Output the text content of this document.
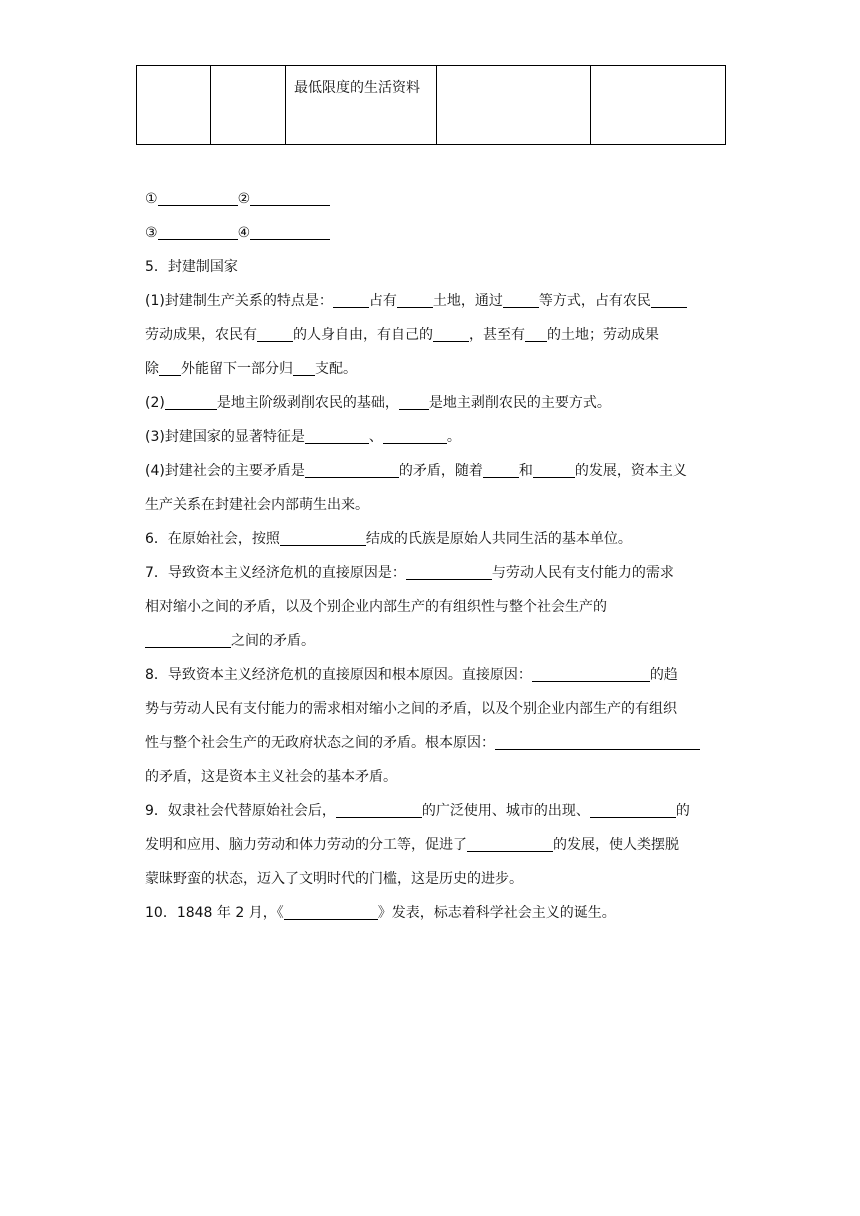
		最低限度的生活资料		
①	②
③	④
5．封建制国家
(1)封建制生产关系的特点是：	占有	土地，通过	等方式，占有农民
劳动成果，农民有	的人身自由，有自己的	，甚至有 的土地；劳动成果
除 外能留下一部分归 支配。
(2)	是地主阶级剥削农民的基础， 是地主剥削农民的主要方式。
(3)封建国家的显著特征是	、	。
(4)封建社会的主要矛盾是	的矛盾，随着	和	的发展，资本主义
生产关系在封建社会内部萌生出来。
6．在原始社会，按照	结成的氏族是原始人共同生活的基本单位。
7．导致资本主义经济危机的直接原因是：	与劳动人民有支付能力的需求
相对缩小之间的矛盾，以及个别企业内部生产的有组织性与整个社会生产的
之间的矛盾。
8．导致资本主义经济危机的直接原因和根本原因。直接原因：	的趋
势与劳动人民有支付能力的需求相对缩小之间的矛盾，以及个别企业内部生产的有组织
性与整个社会生产的无政府状态之间的矛盾。根本原因：
的矛盾，这是资本主义社会的基本矛盾。
9．奴隶社会代替原始社会后，	的广泛使用、城市的出现、	的
发明和应用、脑力劳动和体力劳动的分工等，促进了	的发展，使人类摆脱
蒙昧野蛮的状态，迈入了文明时代的门槛，这是历史的进步。
10．1848 年 2 月，《	》发表，标志着科学社会主义的诞生。
